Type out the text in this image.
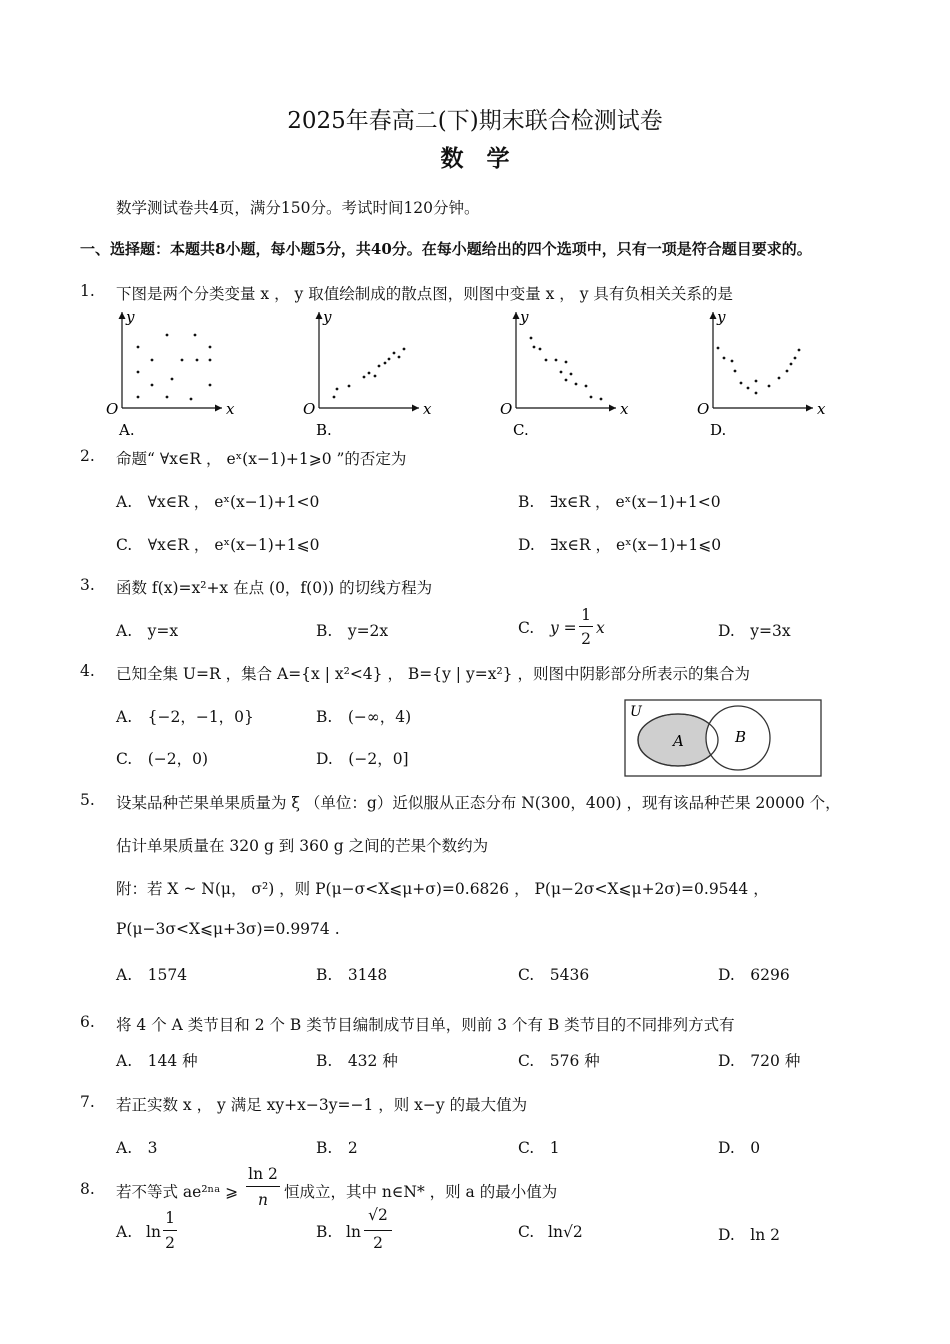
2025年春高二(下)期末联合检测试卷
数　学
数学测试卷共4页，满分150分。考试时间120分钟。
一、选择题：本题共8小题，每小题5分，共40分。在每小题给出的四个选项中，只有一项是符合题目要求的。
1. 下图是两个分类变量 x ， y 取值绘制成的散点图，则图中变量 x ， y 具有负相关关系的是
y
x
O
A.
y
x
O
B.
y
x
O
C.
y
x
O
D.
2. 命题“ ∀x∈R ， eˣ(x−1)+1⩾0 ”的否定为
A.　∀x∈R ， eˣ(x−1)+1<0	B.　∃x∈R ， eˣ(x−1)+1<0
C.　∀x∈R ， eˣ(x−1)+1⩽0	D.　∃x∈R ， eˣ(x−1)+1⩽0
3. 函数 f(x)=x²+x 在点 (0，f(0)) 的切线方程为
A.　y=x	B.　y=2x	C. y =
1
2
x	D.　y=3x
4. 已知全集 U=R ，集合 A={x | x²<4} ， B={y | y=x²} ，则图中阴影部分所表示的集合为
A.　{−2，−1，0}	B.　(−∞，4)
C.　(−2，0)	D.　(−2，0]
U
A	B
5. 设某品种芒果单果质量为 ξ （单位：g）近似服从正态分布 N(300，400) ，现有该品种芒果 20000 个，
估计单果质量在 320 g 到 360 g 之间的芒果个数约为
附：若 X ~ N(μ， σ²) ，则 P(μ−σ<X⩽μ+σ)=0.6826 ， P(μ−2σ<X⩽μ+2σ)=0.9544 ，
P(μ−3σ<X⩽μ+3σ)=0.9974 .
A.　1574	B.　3148	C.　5436	D.　6296
6. 将 4 个 A 类节目和 2 个 B 类节目编制成节目单，则前 3 个有 B 类节目的不同排列方式有
A.　144 种	B.　432 种	C.　576 种	D.　720 种
7. 若正实数 x ， y 满足 xy+x−3y=−1 ，则 x−y 的最大值为
A.　3	B.　2	C.　1	D.　0
8. 若不等式 ae²ⁿᵃ ⩾
ln 2
n	恒成立，其中 n∈N* ，则 a 的最小值为
A. ln
1
2
B. ln
√2
2
C. ln√2	D.　ln 2
